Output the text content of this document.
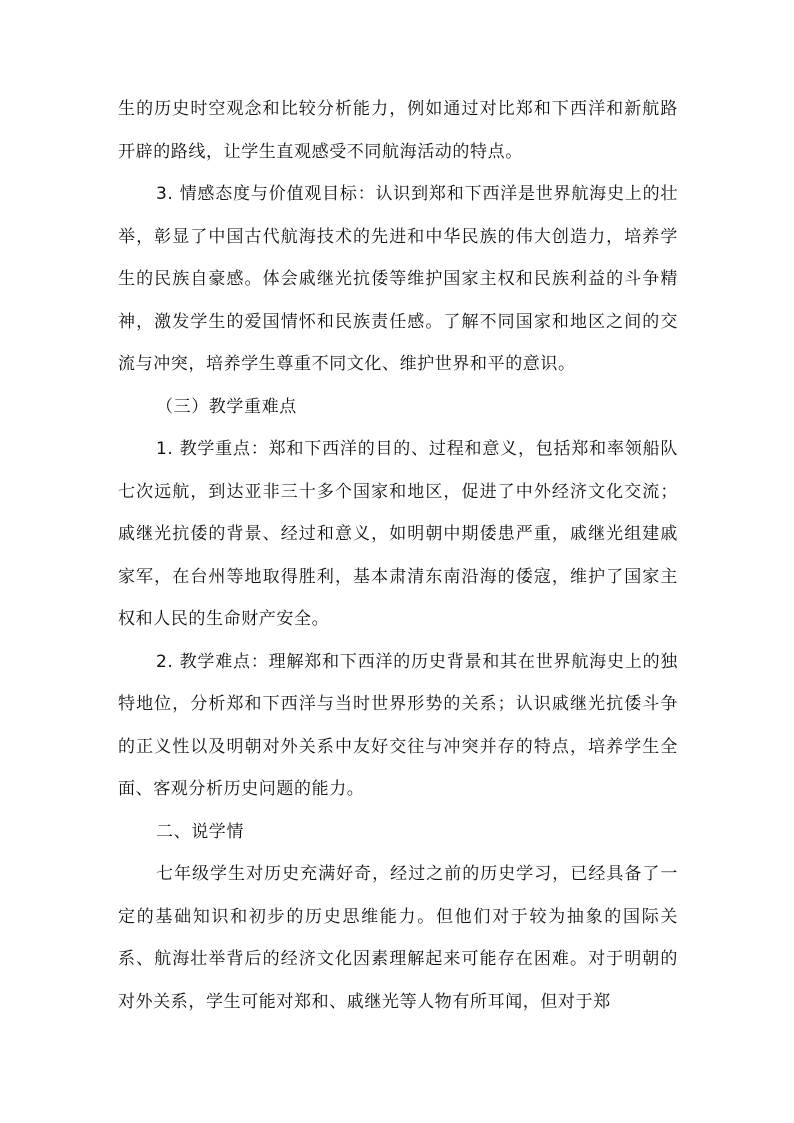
生的历史时空观念和比较分析能力，例如通过对比郑和下西洋和新航路开辟的路线，让学生直观感受不同航海活动的特点。

3. 情感态度与价值观目标：认识到郑和下西洋是世界航海史上的壮举，彰显了中国古代航海技术的先进和中华民族的伟大创造力，培养学生的民族自豪感。体会戚继光抗倭等维护国家主权和民族利益的斗争精神，激发学生的爱国情怀和民族责任感。了解不同国家和地区之间的交流与冲突，培养学生尊重不同文化、维护世界和平的意识。

（三）教学重难点

1. 教学重点：郑和下西洋的目的、过程和意义，包括郑和率领船队七次远航，到达亚非三十多个国家和地区，促进了中外经济文化交流；戚继光抗倭的背景、经过和意义，如明朝中期倭患严重，戚继光组建戚家军，在台州等地取得胜利，基本肃清东南沿海的倭寇，维护了国家主权和人民的生命财产安全。

2. 教学难点：理解郑和下西洋的历史背景和其在世界航海史上的独特地位，分析郑和下西洋与当时世界形势的关系；认识戚继光抗倭斗争的正义性以及明朝对外关系中友好交往与冲突并存的特点，培养学生全面、客观分析历史问题的能力。

二、说学情

七年级学生对历史充满好奇，经过之前的历史学习，已经具备了一定的基础知识和初步的历史思维能力。但他们对于较为抽象的国际关系、航海壮举背后的经济文化因素理解起来可能存在困难。对于明朝的对外关系，学生可能对郑和、戚继光等人物有所耳闻，但对于郑
